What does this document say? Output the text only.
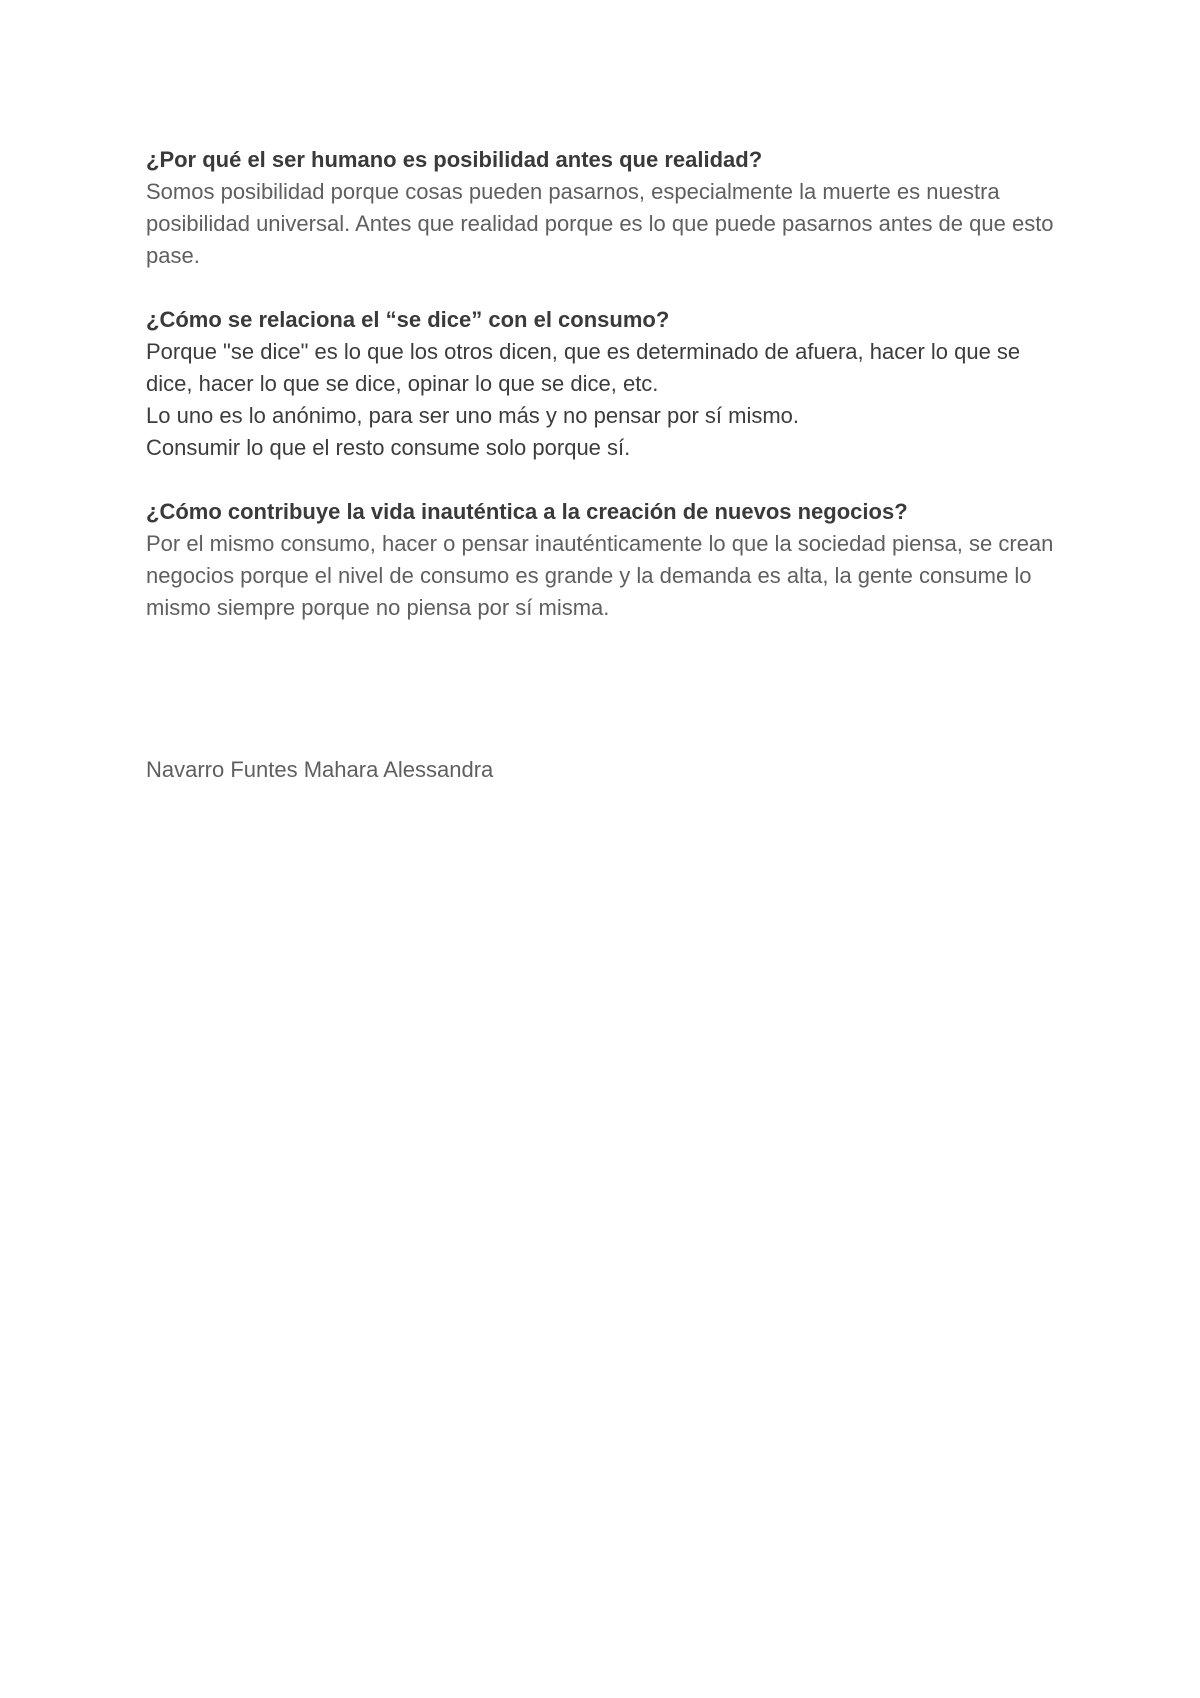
¿Por qué el ser humano es posibilidad antes que realidad?

Somos posibilidad porque cosas pueden pasarnos, especialmente la muerte es nuestra posibilidad universal. Antes que realidad porque es lo que puede pasarnos antes de que esto pase.

¿Cómo se relaciona el “se dice” con el consumo?

Porque "se dice" es lo que los otros dicen, que es determinado de afuera, hacer lo que se dice, hacer lo que se dice, opinar lo que se dice, etc.

Lo uno es lo anónimo, para ser uno más y no pensar por sí mismo.

Consumir lo que el resto consume solo porque sí.

¿Cómo contribuye la vida inauténtica a la creación de nuevos negocios?

Por el mismo consumo, hacer o pensar inauténticamente lo que la sociedad piensa, se crean negocios porque el nivel de consumo es grande y la demanda es alta, la gente consume lo mismo siempre porque no piensa por sí misma.

Navarro Funtes Mahara Alessandra
